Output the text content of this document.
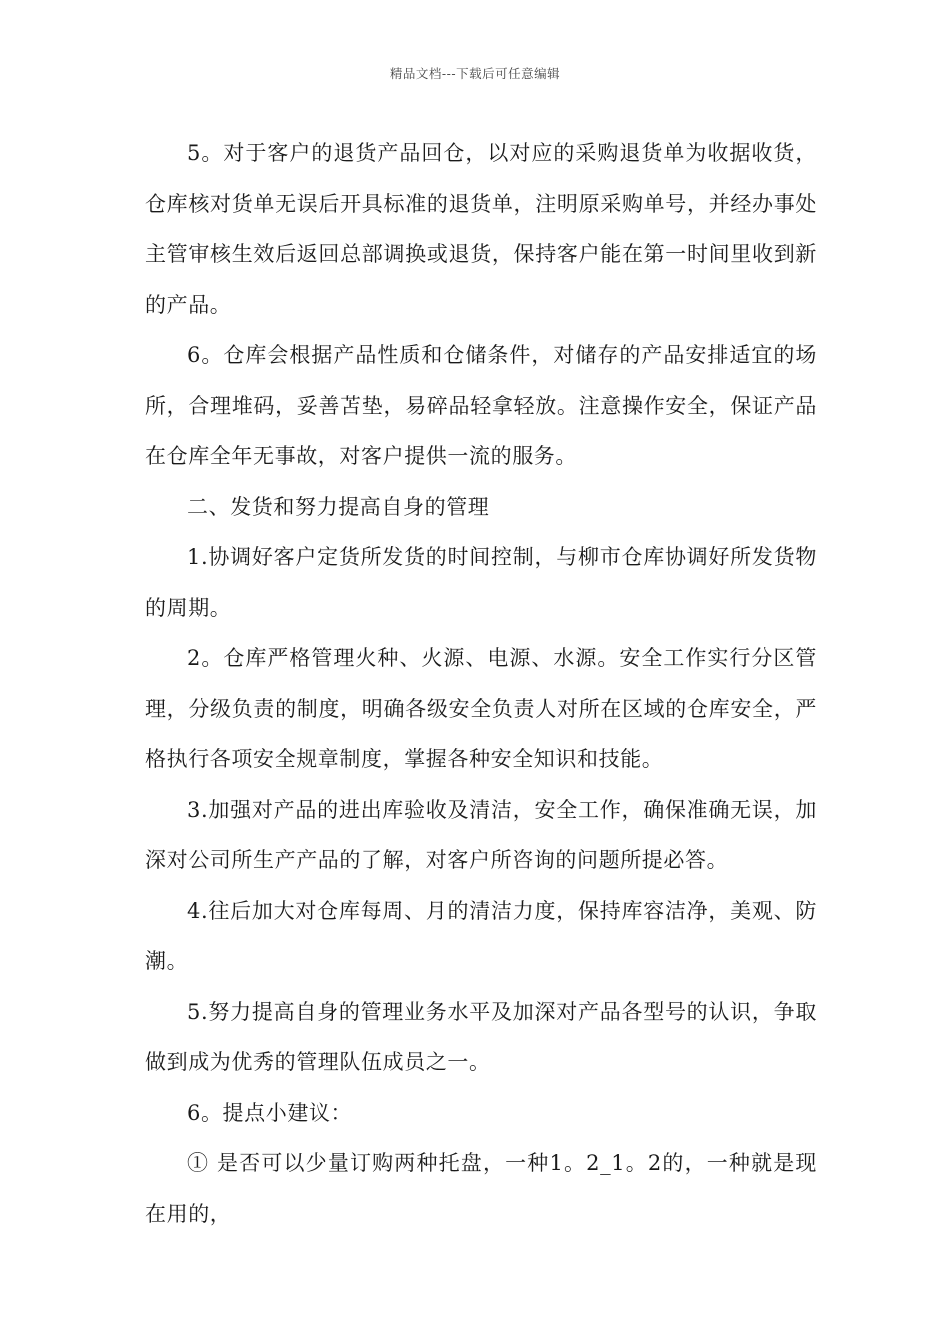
精品文档---下载后可任意编辑

5。对于客户的退货产品回仓，以对应的采购退货单为收据收货，仓库核对货单无误后开具标准的退货单，注明原采购单号，并经办事处主管审核生效后返回总部调换或退货，保持客户能在第一时间里收到新的产品。

6。仓库会根据产品性质和仓储条件，对储存的产品安排适宜的场所，合理堆码，妥善苫垫，易碎品轻拿轻放。注意操作安全，保证产品在仓库全年无事故，对客户提供一流的服务。

二、发货和努力提高自身的管理

1.协调好客户定货所发货的时间控制，与柳市仓库协调好所发货物的周期。

2。仓库严格管理火种、火源、电源、水源。安全工作实行分区管理，分级负责的制度，明确各级安全负责人对所在区域的仓库安全，严格执行各项安全规章制度，掌握各种安全知识和技能。

3.加强对产品的进出库验收及清洁，安全工作，确保准确无误，加深对公司所生产产品的了解，对客户所咨询的问题所提必答。

4.往后加大对仓库每周、月的清洁力度，保持库容洁净，美观、防潮。

5.努力提高自身的管理业务水平及加深对产品各型号的认识，争取做到成为优秀的管理队伍成员之一。

6。提点小建议：

① 是否可以少量订购两种托盘，一种1。2_1。2的，一种就是现在用的，
